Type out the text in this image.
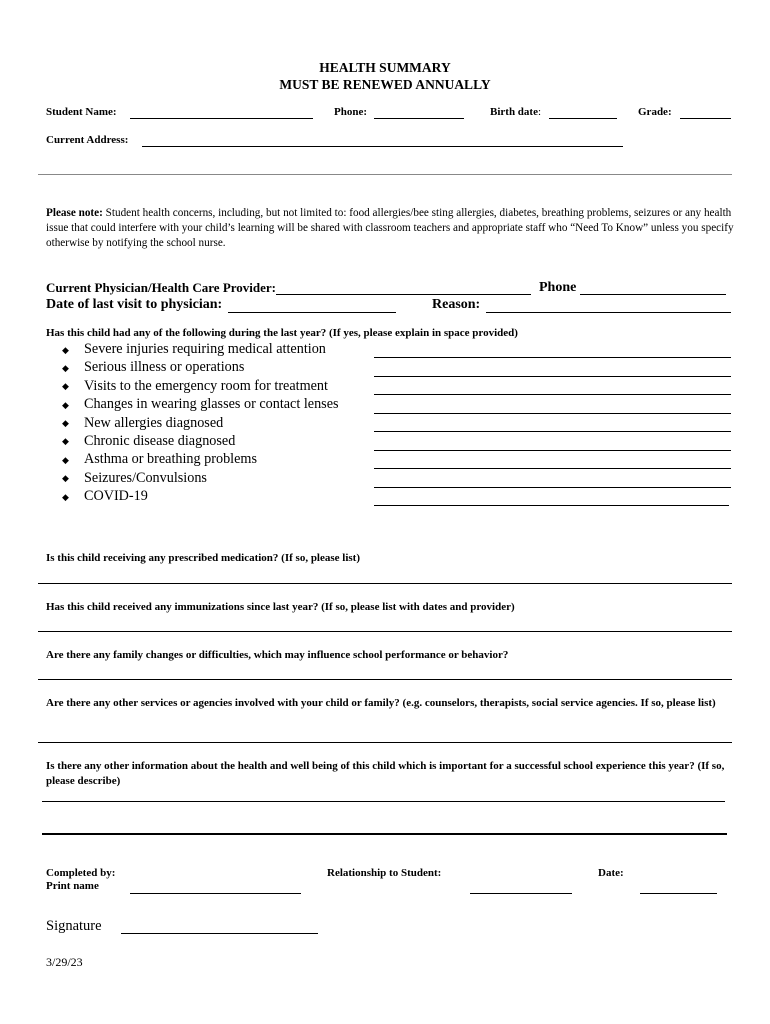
HEALTH SUMMARY
MUST BE RENEWED ANNUALLY
Student Name:	Phone:	Birth date:	Grade:
Current Address:
Please note: Student health concerns, including, but not limited to: food allergies/bee sting allergies, diabetes, breathing problems, seizures or any health issue that could interfere with your child’s learning will be shared with classroom teachers and appropriate staff who “Need To Know” unless you specify otherwise by notifying the school nurse.
Current Physician/Health Care Provider:	Phone
Date of last visit to physician:	Reason:
Has this child had any of the following during the last year? (If yes, please explain in space provided)
◆ Severe injuries requiring medical attention
◆ Serious illness or operations
◆ Visits to the emergency room for treatment
◆ Changes in wearing glasses or contact lenses
◆ New allergies diagnosed
◆ Chronic disease diagnosed
◆ Asthma or breathing problems
◆ Seizures/Convulsions
◆ COVID-19
Is this child receiving any prescribed medication? (If so, please list)
Has this child received any immunizations since last year? (If so, please list with dates and provider)
Are there any family changes or difficulties, which may influence school performance or behavior?
Are there any other services or agencies involved with your child or family? (e.g. counselors, therapists, social service agencies. If so, please list)
Is there any other information about the health and well being of this child which is important for a successful school experience this year? (If so, please describe)
Completed by:
Print name
Relationship to Student:	Date:
Signature
3/29/23
